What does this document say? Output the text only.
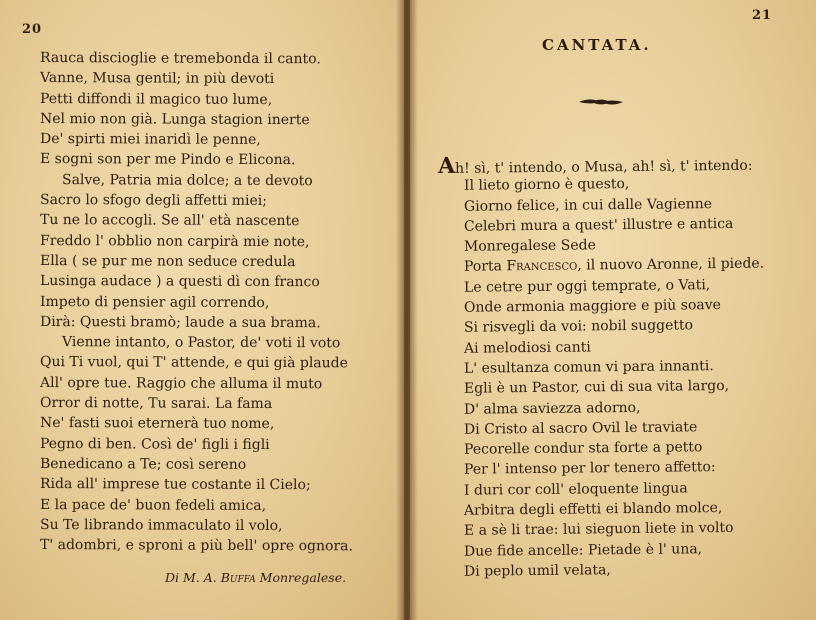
20
Rauca discioglie e tremebonda il canto.
Vanne, Musa gentil; in più devoti
Petti diffondi il magico tuo lume,
Nel mio non già. Lunga stagion inerte
De' spirti miei inaridì le penne,
E sogni son per me Pindo e Elicona.
Salve, Patria mia dolce; a te devoto
Sacro lo sfogo degli affetti miei;
Tu ne lo accogli. Se all' età nascente
Freddo l' obblio non carpirà mie note,
Ella ( se pur me non seduce credula
Lusinga audace ) a questi dì con franco
Impeto di pensier agil correndo,
Dirà: Questi bramò; laude a sua brama.
Vienne intanto, o Pastor, de' voti il voto
Qui Ti vuol, qui T' attende, e qui già plaude
All' opre tue. Raggio che alluma il muto
Orror di notte, Tu sarai. La fama
Ne' fasti suoi eternerà tuo nome,
Pegno di ben. Così de' figli i figli
Benedicano a Te; così sereno
Rida all' imprese tue costante il Cielo;
E la pace de' buon fedeli amica,
Su Te librando immaculato il volo,
T' adombri, e sproni a più bell' opre ognora.
Di M. A. Buffa Monregalese.
21
CANTATA.
Ah! sì, t' intendo, o Musa, ah! sì, t' intendo:
Il lieto giorno è questo,
Giorno felice, in cui dalle Vagienne
Celebri mura a quest' illustre e antica
Monregalese Sede
Porta Francesco, il nuovo Aronne, il piede.
Le cetre pur oggi temprate, o Vati,
Onde armonia maggiore e più soave
Si risvegli da voi: nobil suggetto
Ai melodiosi canti
L' esultanza comun vi para innanti.
Egli è un Pastor, cui di sua vita largo,
D' alma saviezza adorno,
Di Cristo al sacro Ovil le traviate
Pecorelle condur sta forte a petto
Per l' intenso per lor tenero affetto:
I duri cor coll' eloquente lingua
Arbitra degli effetti ei blando molce,
E a sè li trae: lui sieguon liete in volto
Due fide ancelle: Pietade è l' una,
Di peplo umil velata,
